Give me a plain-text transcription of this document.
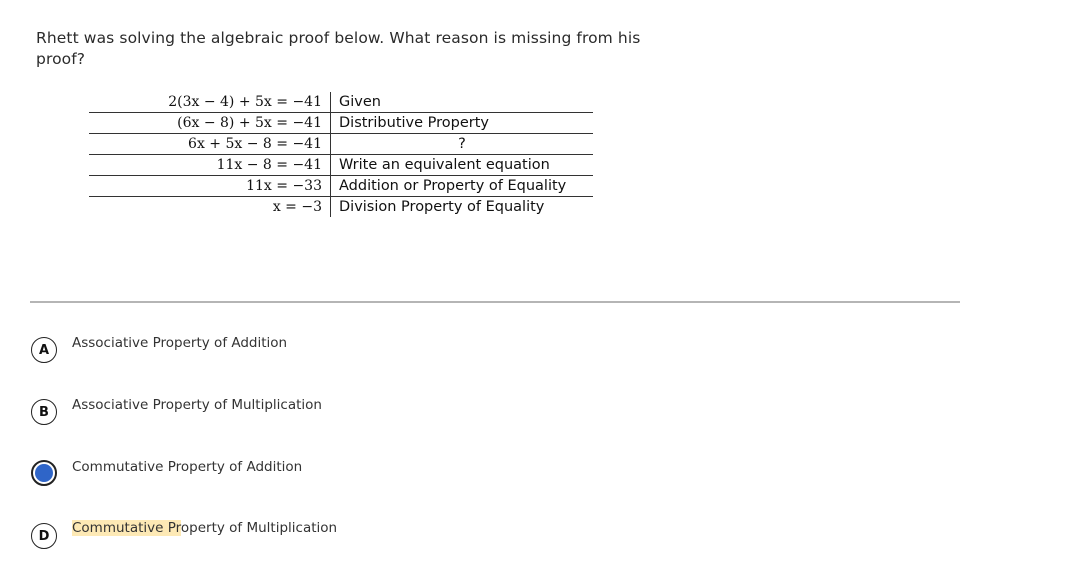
Rhett was solving the algebraic proof below. What reason is missing from his
proof?
2(3x − 4) + 5x = −41	Given
(6x − 8) + 5x = −41	Distributive Property
6x + 5x − 8 = −41	?
11x − 8 = −41	Write an equivalent equation
11x = −33	Addition or Property of Equality
x = −3	Division Property of Equality
A	Associative Property of Addition
B	Associative Property of Multiplication
Commutative Property of Addition
D	Commutative Property of Multiplication
